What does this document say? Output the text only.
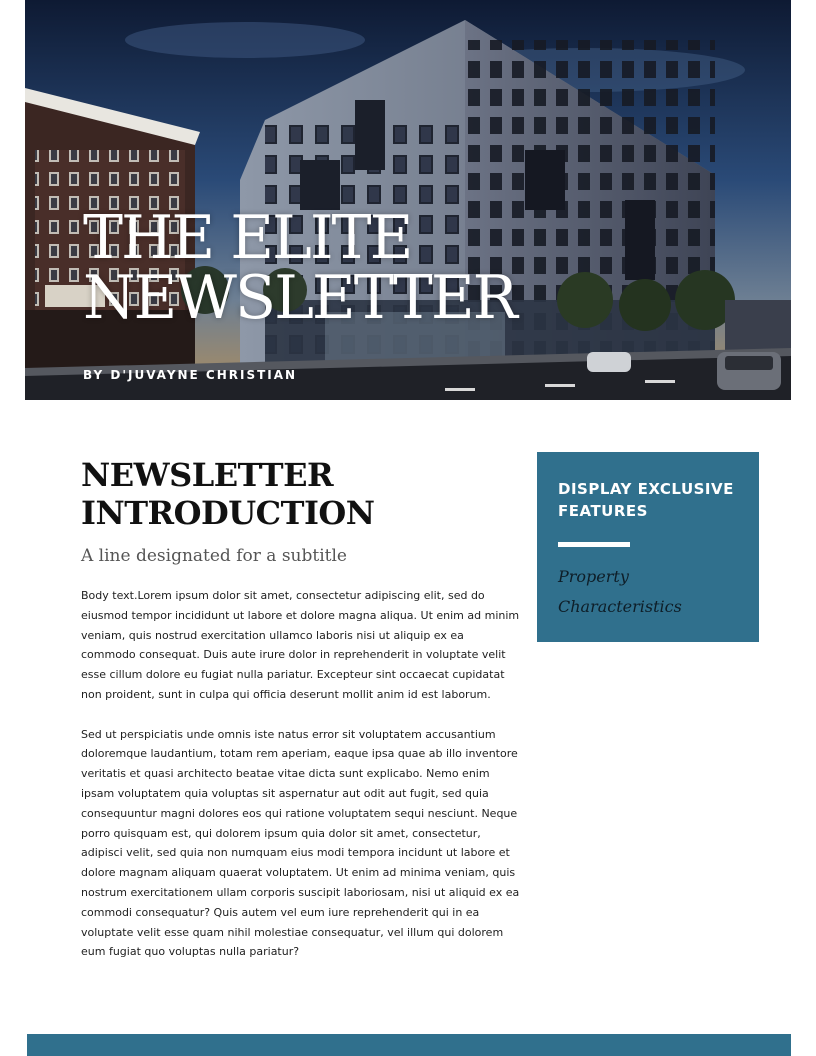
THE ELITE
NEWSLETTER
BY D'JUVAYNE CHRISTIAN
NEWSLETTER
INTRODUCTION
A line designated for a subtitle

Body text.Lorem ipsum dolor sit amet, consectetur adipiscing elit, sed do eiusmod tempor incididunt ut labore et dolore magna aliqua. Ut enim ad minim veniam, quis nostrud exercitation ullamco laboris nisi ut aliquip ex ea commodo consequat. Duis aute irure dolor in reprehenderit in voluptate velit esse cillum dolore eu fugiat nulla pariatur. Excepteur sint occaecat cupidatat non proident, sunt in culpa qui officia deserunt mollit anim id est laborum.

Sed ut perspiciatis unde omnis iste natus error sit voluptatem accusantium doloremque laudantium, totam rem aperiam, eaque ipsa quae ab illo inventore veritatis et quasi architecto beatae vitae dicta sunt explicabo. Nemo enim ipsam voluptatem quia voluptas sit aspernatur aut odit aut fugit, sed quia consequuntur magni dolores eos qui ratione voluptatem sequi nesciunt. Neque porro quisquam est, qui dolorem ipsum quia dolor sit amet, consectetur, adipisci velit, sed quia non numquam eius modi tempora incidunt ut labore et dolore magnam aliquam quaerat voluptatem. Ut enim ad minima veniam, quis nostrum exercitationem ullam corporis suscipit laboriosam, nisi ut aliquid ex ea commodi consequatur? Quis autem vel eum iure reprehenderit qui in ea voluptate velit esse quam nihil molestiae consequatur, vel illum qui dolorem eum fugiat quo voluptas nulla pariatur?

DISPLAY EXCLUSIVE
FEATURES
Property
Characteristics
